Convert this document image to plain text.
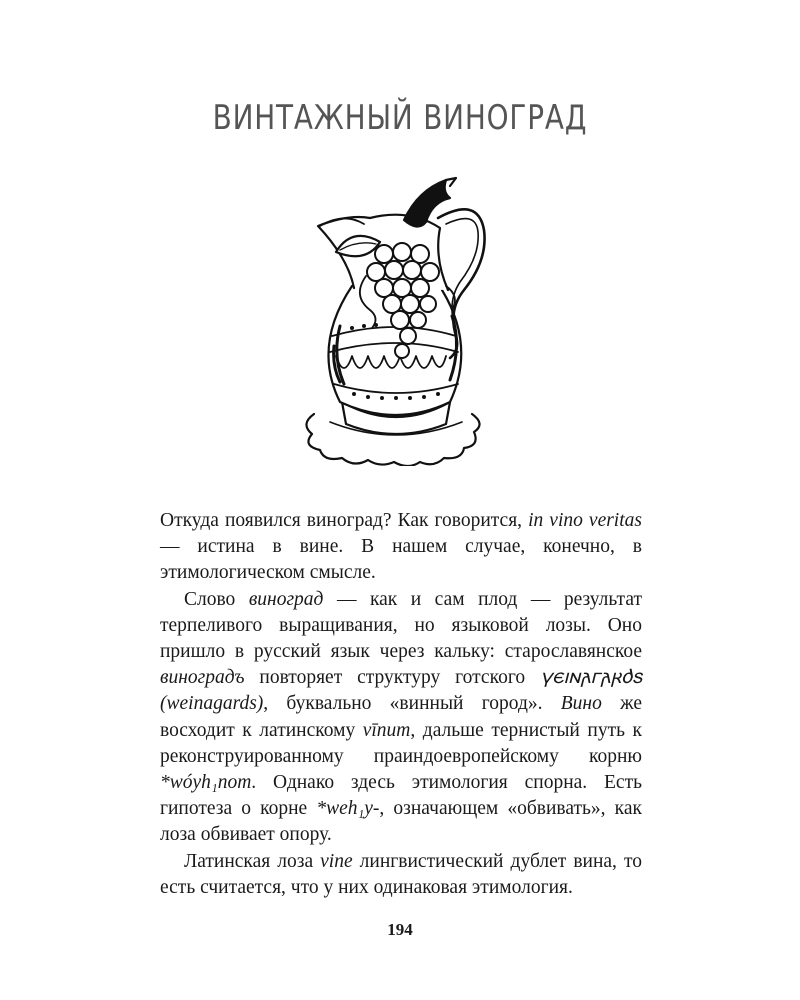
ВИНТАЖНЫЙ ВИНОГРАД

Откуда появился виноград? Как говорится, in vino veritas — истина в вине. В нашем случае, конечно, в этимологическом смысле.

Слово виноград — как и сам плод — результат терпеливого выращивания, но языковой лозы. Оно пришло в русский язык через кальку: старославянское виноградъ повторяет структуру готского 𐍅𐌴𐌹𐌽𐌰𐌲𐌰𐍂𐌳𐍃 (weinagards), буквально «винный город». Вино же восходит к латинскому vīnum, дальше тернистый путь к реконструированному праиндоевропейскому корню *wóyh₁nom. Однако здесь этимология спорна. Есть гипотеза о корне *weh₁y-, означающем «обвивать», как лоза обвивает опору.

Латинская лоза vine лингвистический дублет вина, то есть считается, что у них одинаковая этимология.

194
